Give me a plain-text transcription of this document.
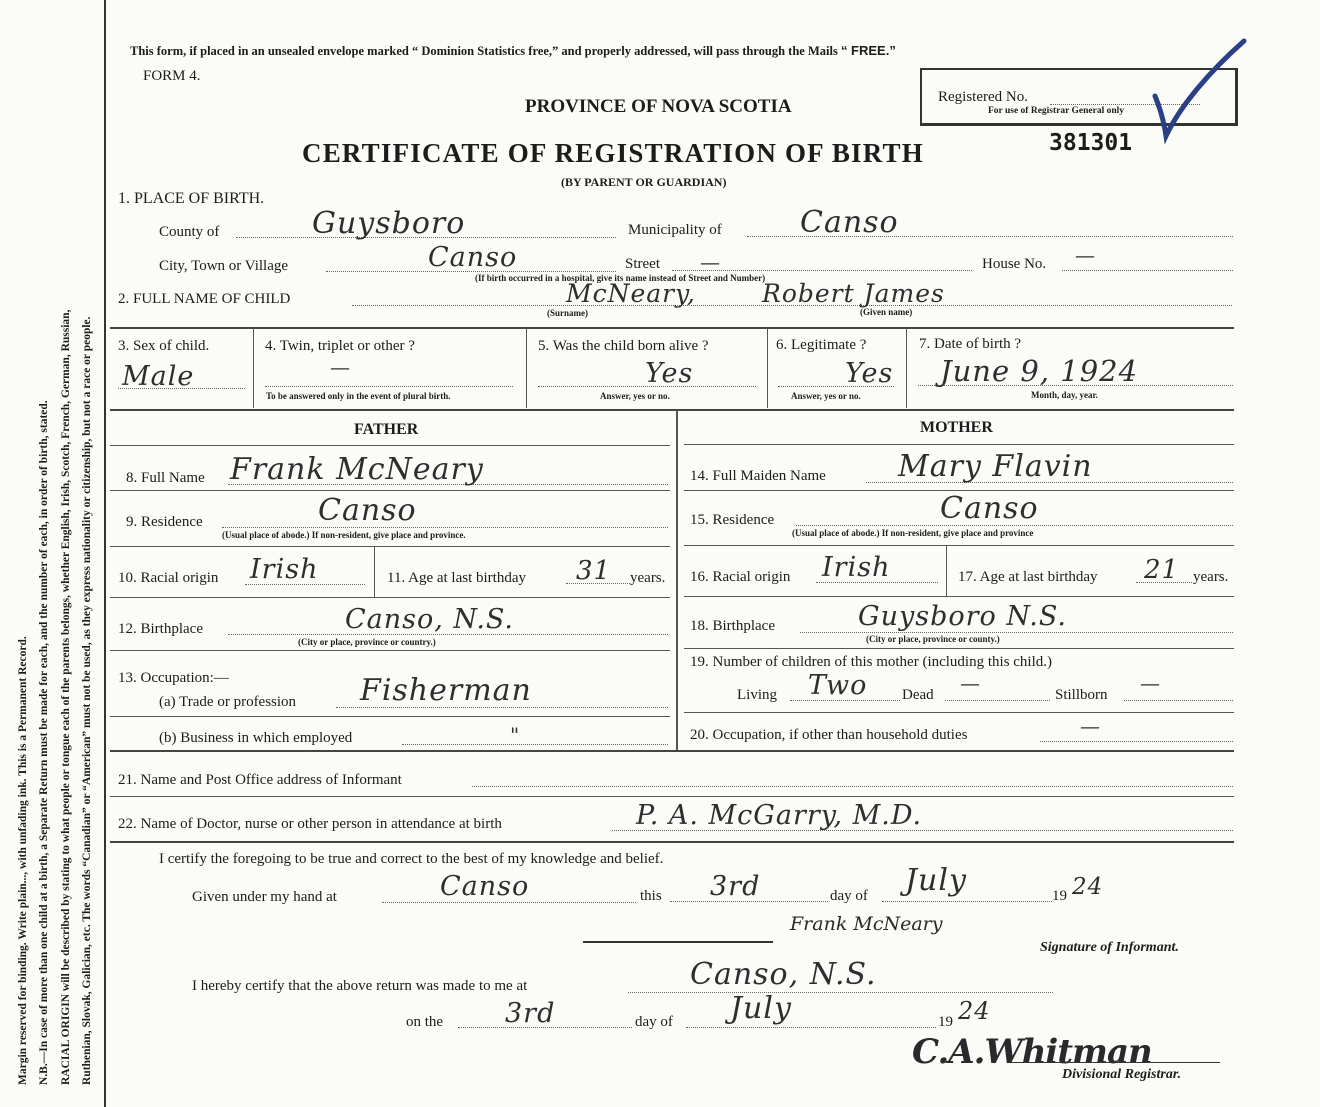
Margin reserved for binding. Write plain..., with unfading ink. This is a Permanent Record. N.B.—In case of more than one child at a birth, a Separate Return must be made for each, and the number of each, in order of birth, stated. RACIAL ORIGIN will be described by stating to what people or tongue each of the parents belongs, whether English, Irish, Scotch, French, German, Russian, Ruthenian, Slovak, Galician, etc. The words “Canadian” or “American” must not be used, as they express nationality or citizenship, but not a race or people.
This form, if placed in an unsealed envelope marked “ Dominion Statistics free,” and properly addressed, will pass through the Mails “ FREE.”
FORM 4.
PROVINCE OF NOVA SCOTIA
CERTIFICATE OF REGISTRATION OF BIRTH	381301
(BY PARENT OR GUARDIAN)
Registered No.
For use of Registrar General only
1. PLACE OF BIRTH.
County of	Guysboro	Municipality of	Canso
City, Town or Village	Canso	Street —	House No. —
(If birth occurred in a hospital, give its name instead of Street and Number)
2. FULL NAME OF CHILD	McNeary,	Robert James
(Surname)	(Given name)
3. Sex of child.
Male
4. Twin, triplet or other ?
—
To be answered only in the event of plural birth.
5. Was the child born alive ?
Yes
Answer, yes or no.
6. Legitimate ?
Yes
Answer, yes or no.
7. Date of birth ?
June 9, 1924
Month, day, year.
FATHER	MOTHER
8. Full Name Frank McNeary
9. Residence	Canso
(Usual place of abode.) If non-resident, give place and province.
10. Racial origin Irish	11. Age at last birthday 31 years.
12. Birthplace	Canso, N.S.
(City or place, province or country.)
13. Occupation:—
(a) Trade or profession Fisherman
(b) Business in which employed	"
14. Full Maiden Name Mary Flavin
15. Residence	Canso
(Usual place of abode.) If non-resident, give place and province
16. Racial origin Irish	17. Age at last birthday 21 years.
18. Birthplace	Guysboro N.S.
(City or place, province or county.)
19. Number of children of this mother (including this child.)
Living Two Dead —	Stillborn —
20. Occupation, if other than household duties	—
21. Name and Post Office address of Informant
22. Name of Doctor, nurse or other person in attendance at birth	P. A. McGarry, M.D.
I certify the foregoing to be true and correct to the best of my knowledge and belief.
Given under my hand at	Canso	this 3rd	day of July	19 24
Frank McNeary
Signature of Informant.
I hereby certify that the above return was made to me at	Canso, N.S.
on the 3rd	day of July	19 24
C.A.Whitman
Divisional Registrar.
